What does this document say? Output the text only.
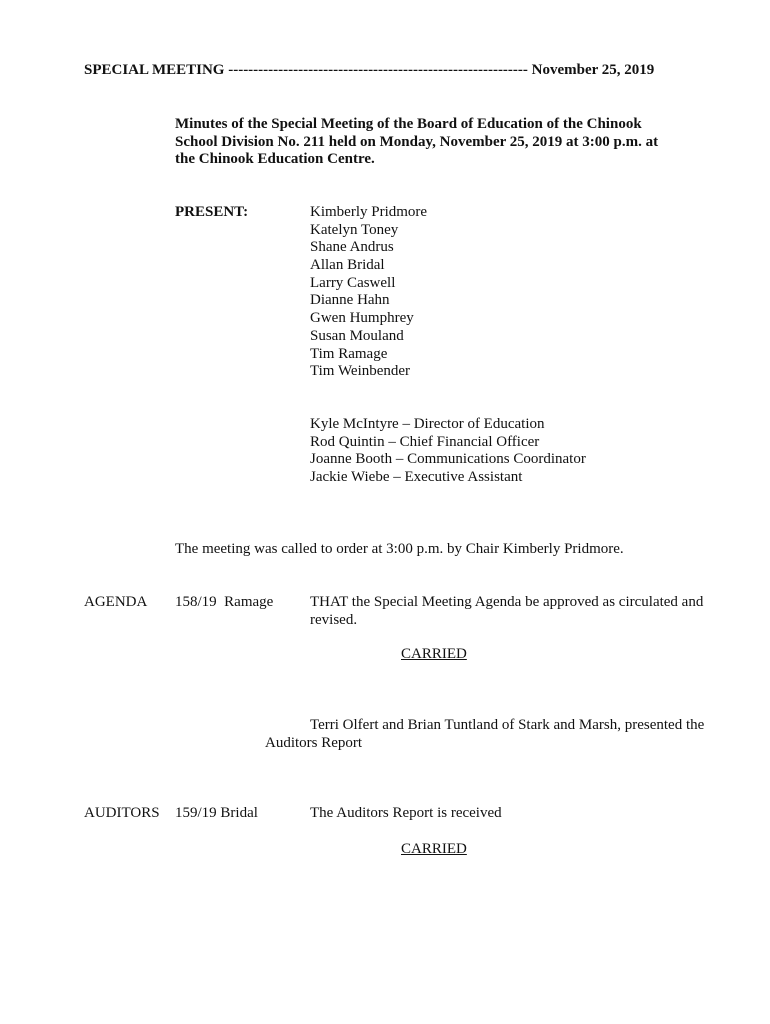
SPECIAL MEETING ------------------------------------------------------------ November 25, 2019
Minutes of the Special Meeting of the Board of Education of the Chinook
School Division No. 211 held on Monday, November 25, 2019 at 3:00 p.m. at
the Chinook Education Centre.
PRESENT:	Kimberly Pridmore
Katelyn Toney
Shane Andrus
Allan Bridal
Larry Caswell
Dianne Hahn
Gwen Humphrey
Susan Mouland
Tim Ramage
Tim Weinbender
Kyle McIntyre – Director of Education
Rod Quintin – Chief Financial Officer
Joanne Booth – Communications Coordinator
Jackie Wiebe – Executive Assistant
The meeting was called to order at 3:00 p.m. by Chair Kimberly Pridmore.
AGENDA 158/19  Ramage THAT the Special Meeting Agenda be approved as circulated and
revised.
CARRIED
Terri Olfert and Brian Tuntland of Stark and Marsh, presented the
Auditors Report
AUDITORS 159/19 Bridal	The Auditors Report is received
CARRIED
